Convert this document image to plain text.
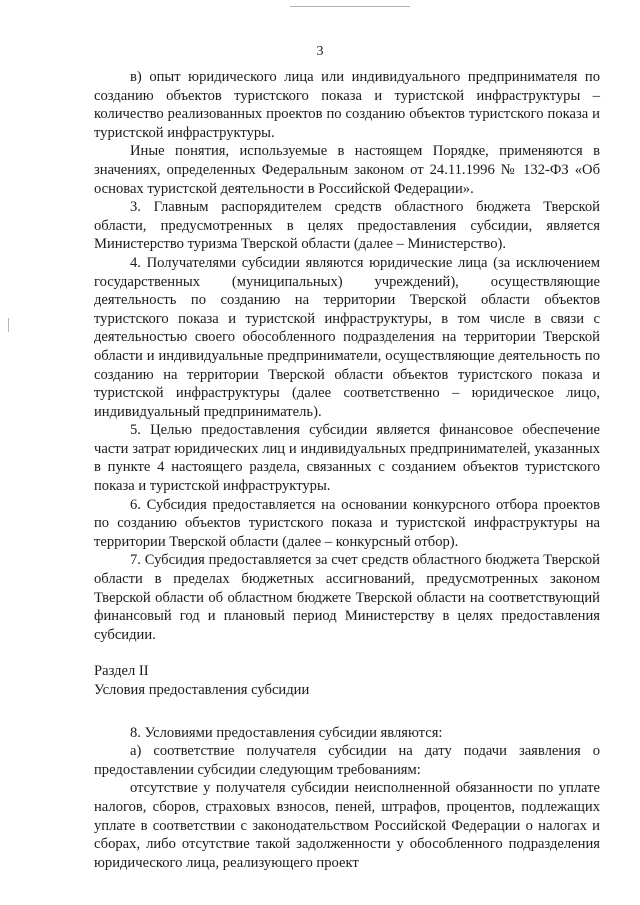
3

в) опыт юридического лица или индивидуального предпринимателя по созданию объектов туристского показа и туристской инфраструктуры – количество реализованных проектов по созданию объектов туристского показа и туристской инфраструктуры.

Иные понятия, используемые в настоящем Порядке, применяются в значениях, определенных Федеральным законом от 24.11.1996 № 132-ФЗ «Об основах туристской деятельности в Российской Федерации».

3. Главным распорядителем средств областного бюджета Тверской области, предусмотренных в целях предоставления субсидии, является Министерство туризма Тверской области (далее – Министерство).

4. Получателями субсидии являются юридические лица (за исключением государственных (муниципальных) учреждений), осуществляющие деятельность по созданию на территории Тверской области объектов туристского показа и туристской инфраструктуры, в том числе в связи с деятельностью своего обособленного подразделения на территории Тверской области и индивидуальные предприниматели, осуществляющие деятельность по созданию на территории Тверской области объектов туристского показа и туристской инфраструктуры (далее соответственно – юридическое лицо, индивидуальный предприниматель).

5. Целью предоставления субсидии является финансовое обеспечение части затрат юридических лиц и индивидуальных предпринимателей, указанных в пункте 4 настоящего раздела, связанных с созданием объектов туристского показа и туристской инфраструктуры.

6. Субсидия предоставляется на основании конкурсного отбора проектов по созданию объектов туристского показа и туристской инфраструктуры на территории Тверской области (далее – конкурсный отбор).

7. Субсидия предоставляется за счет средств областного бюджета Тверской области в пределах бюджетных ассигнований, предусмотренных законом Тверской области об областном бюджете Тверской области на соответствующий финансовый год и плановый период Министерству в целях предоставления субсидии.

Раздел II

Условия предоставления субсидии

8. Условиями предоставления субсидии являются:

а) соответствие получателя субсидии на дату подачи заявления о предоставлении субсидии следующим требованиям:

отсутствие у получателя субсидии неисполненной обязанности по уплате налогов, сборов, страховых взносов, пеней, штрафов, процентов, подлежащих уплате в соответствии с законодательством Российской Федерации о налогах и сборах, либо отсутствие такой задолженности у обособленного подразделения юридического лица, реализующего проект
